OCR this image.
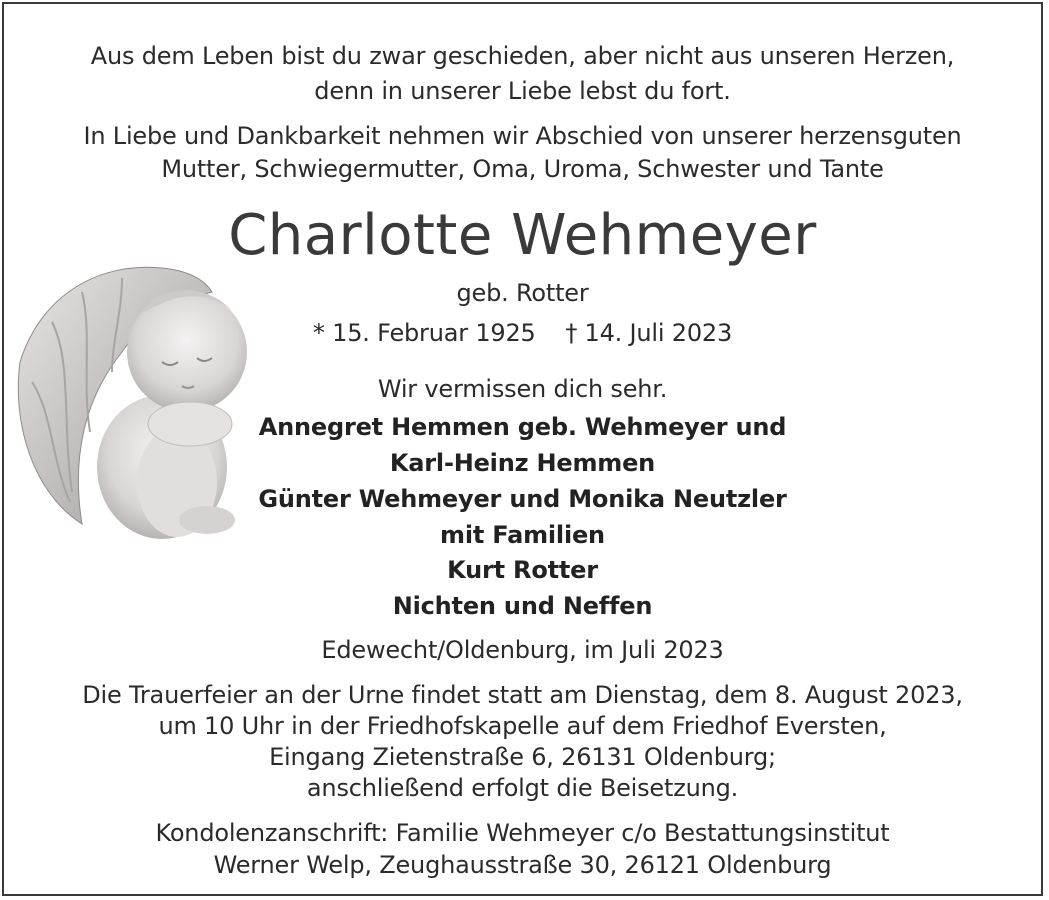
Aus dem Leben bist du zwar geschieden, aber nicht aus unseren Herzen,
denn in unserer Liebe lebst du fort.
In Liebe und Dankbarkeit nehmen wir Abschied von unserer herzensguten
Mutter, Schwiegermutter, Oma, Uroma, Schwester und Tante
Charlotte Wehmeyer
geb. Rotter
* 15. Februar 1925    † 14. Juli 2023
Wir vermissen dich sehr.
Annegret Hemmen geb. Wehmeyer und
Karl-Heinz Hemmen
Günter Wehmeyer und Monika Neutzler
mit Familien
Kurt Rotter
Nichten und Neffen
Edewecht/Oldenburg, im Juli 2023
Die Trauerfeier an der Urne findet statt am Dienstag, dem 8. August 2023,
um 10 Uhr in der Friedhofskapelle auf dem Friedhof Eversten,
Eingang Zietenstraße 6, 26131 Oldenburg;
anschließend erfolgt die Beisetzung.
Kondolenzanschrift: Familie Wehmeyer c/o Bestattungsinstitut
Werner Welp, Zeughausstraße 30, 26121 Oldenburg
